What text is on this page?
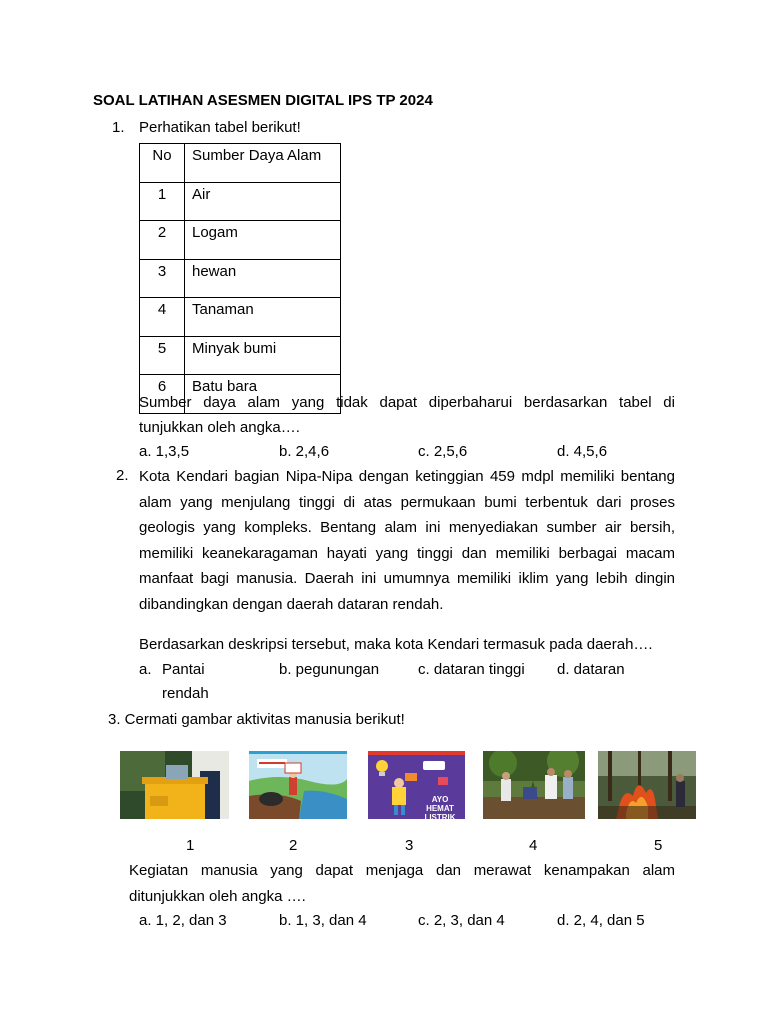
SOAL LATIHAN ASESMEN DIGITAL IPS TP 2024
1. Perhatikan tabel berikut!
No	Sumber Daya Alam
1	Air
2	Logam
3	hewan
4	Tanaman
5	Minyak bumi
6	Batu bara
Sumber daya alam yang tidak dapat diperbaharui berdasarkan tabel di
tunjukkan oleh angka….
a. 1,3,5	b. 2,4,6	c. 2,5,6	d. 4,5,6
2. Kota Kendari bagian Nipa-Nipa dengan ketinggian 459 mdpl memiliki bentang
alam yang menjulang tinggi di atas permukaan bumi terbentuk dari proses
geologis yang kompleks. Bentang alam ini menyediakan sumber air bersih,
memiliki keanekaragaman hayati yang tinggi dan memiliki berbagai macam
manfaat bagi manusia. Daerah ini umumnya memiliki iklim yang lebih dingin
dibandingkan dengan daerah dataran rendah.
Berdasarkan deskripsi tersebut, maka kota Kendari termasuk pada daerah….
a. Pantai	b. pegunungan	c. dataran tinggi d. dataran
rendah
3. Cermati gambar aktivitas manusia berikut!
AYO HEMAT LISTRIK
1	2	3	4	5
Kegiatan manusia yang dapat menjaga dan merawat kenampakan alam
ditunjukkan oleh angka ….
a. 1, 2, dan 3	b. 1, 3, dan 4	c. 2, 3, dan 4	d. 2, 4, dan 5
